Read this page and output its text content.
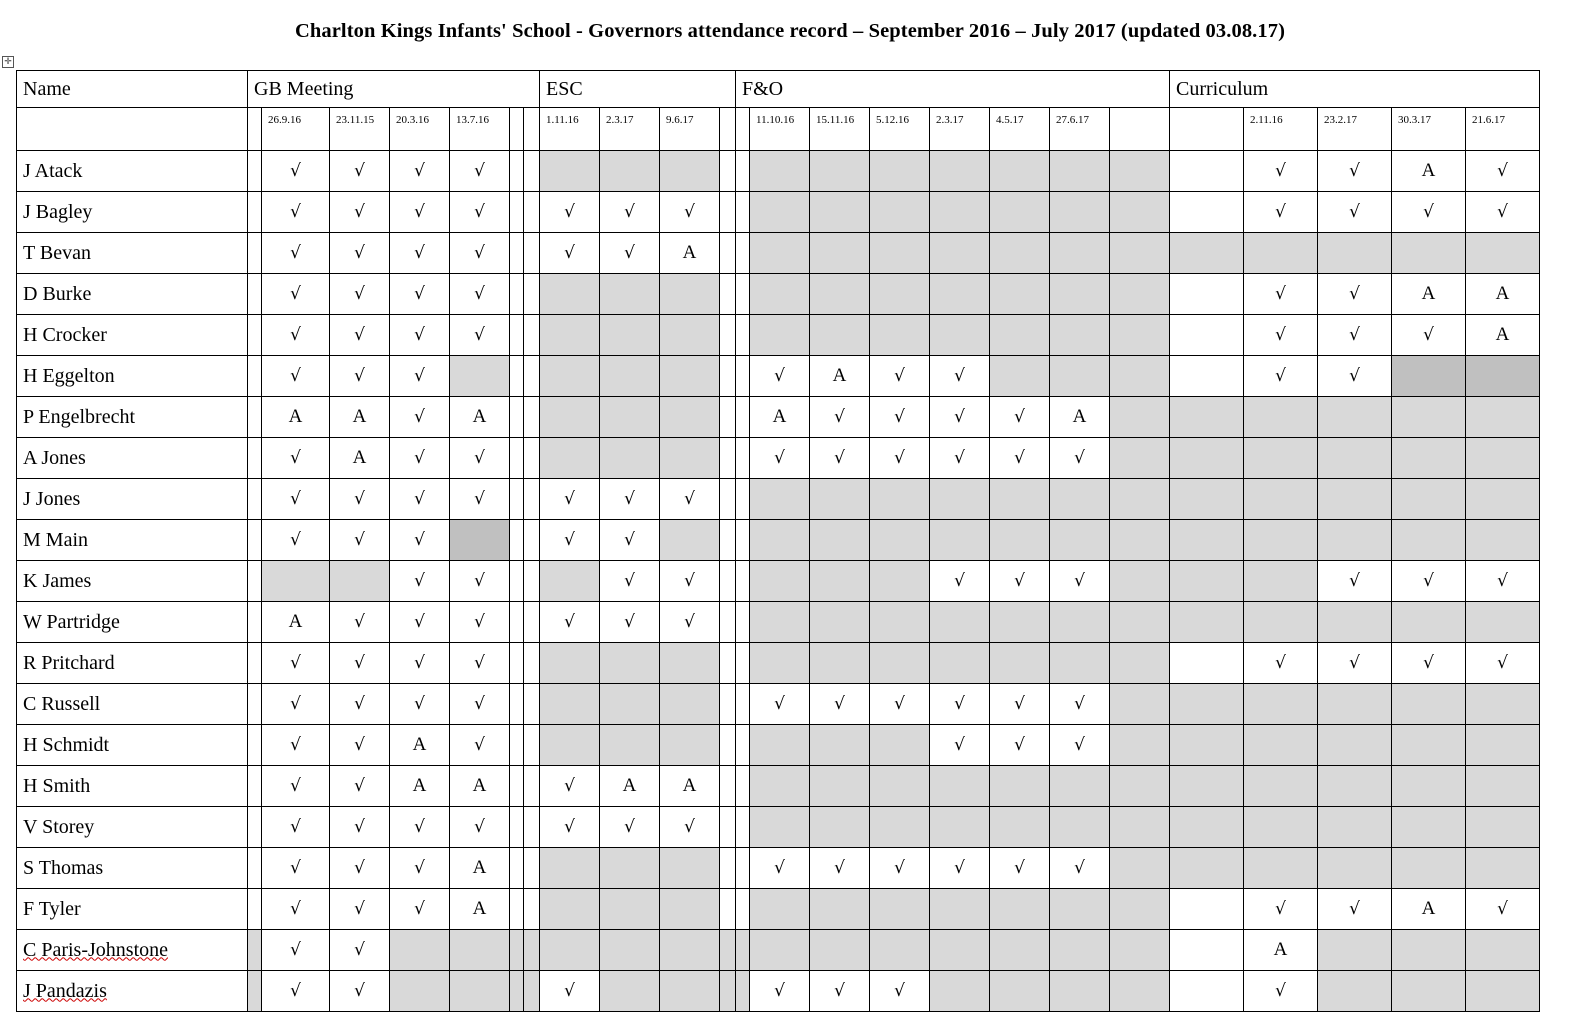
Charlton Kings Infants' School - Governors attendance record – September 2016 – July 2017 (updated 03.08.17)
✛
Name	GB Meeting							ESC				F&O								Curriculum				
		26.9.16	23.11.15	20.3.16	13.7.16			1.11.16	2.3.17	9.6.17			11.10.16	15.11.16	5.12.16	2.3.17	4.5.17	27.6.17			2.11.16	23.2.17	30.3.17	21.6.17
J Atack		√	√	√	√																√	√	A	√
J Bagley		√	√	√	√			√	√	√											√	√	√	√
T Bevan		√	√	√	√			√	√	A														
D Burke		√	√	√	√																√	√	A	A
H Crocker		√	√	√	√																√	√	√	A
H Eggelton		√	√	√									√	A	√	√					√	√		
P Engelbrecht		A	A	√	A								A	√	√	√	√	A						
A Jones		√	A	√	√								√	√	√	√	√	√						
J Jones		√	√	√	√			√	√	√														
M Main		√	√	√				√	√															
K James				√	√				√	√						√	√	√				√	√	√
W Partridge		A	√	√	√			√	√	√														
R Pritchard		√	√	√	√																√	√	√	√
C Russell		√	√	√	√								√	√	√	√	√	√						
H Schmidt		√	√	A	√											√	√	√						
H Smith		√	√	A	A			√	A	A														
V Storey		√	√	√	√			√	√	√														
S Thomas		√	√	√	A								√	√	√	√	√	√						
F Tyler		√	√	√	A																√	√	A	√
C Paris-Johnstone		√	√																		A			
J Pandazis		√	√					√					√	√	√						√			
